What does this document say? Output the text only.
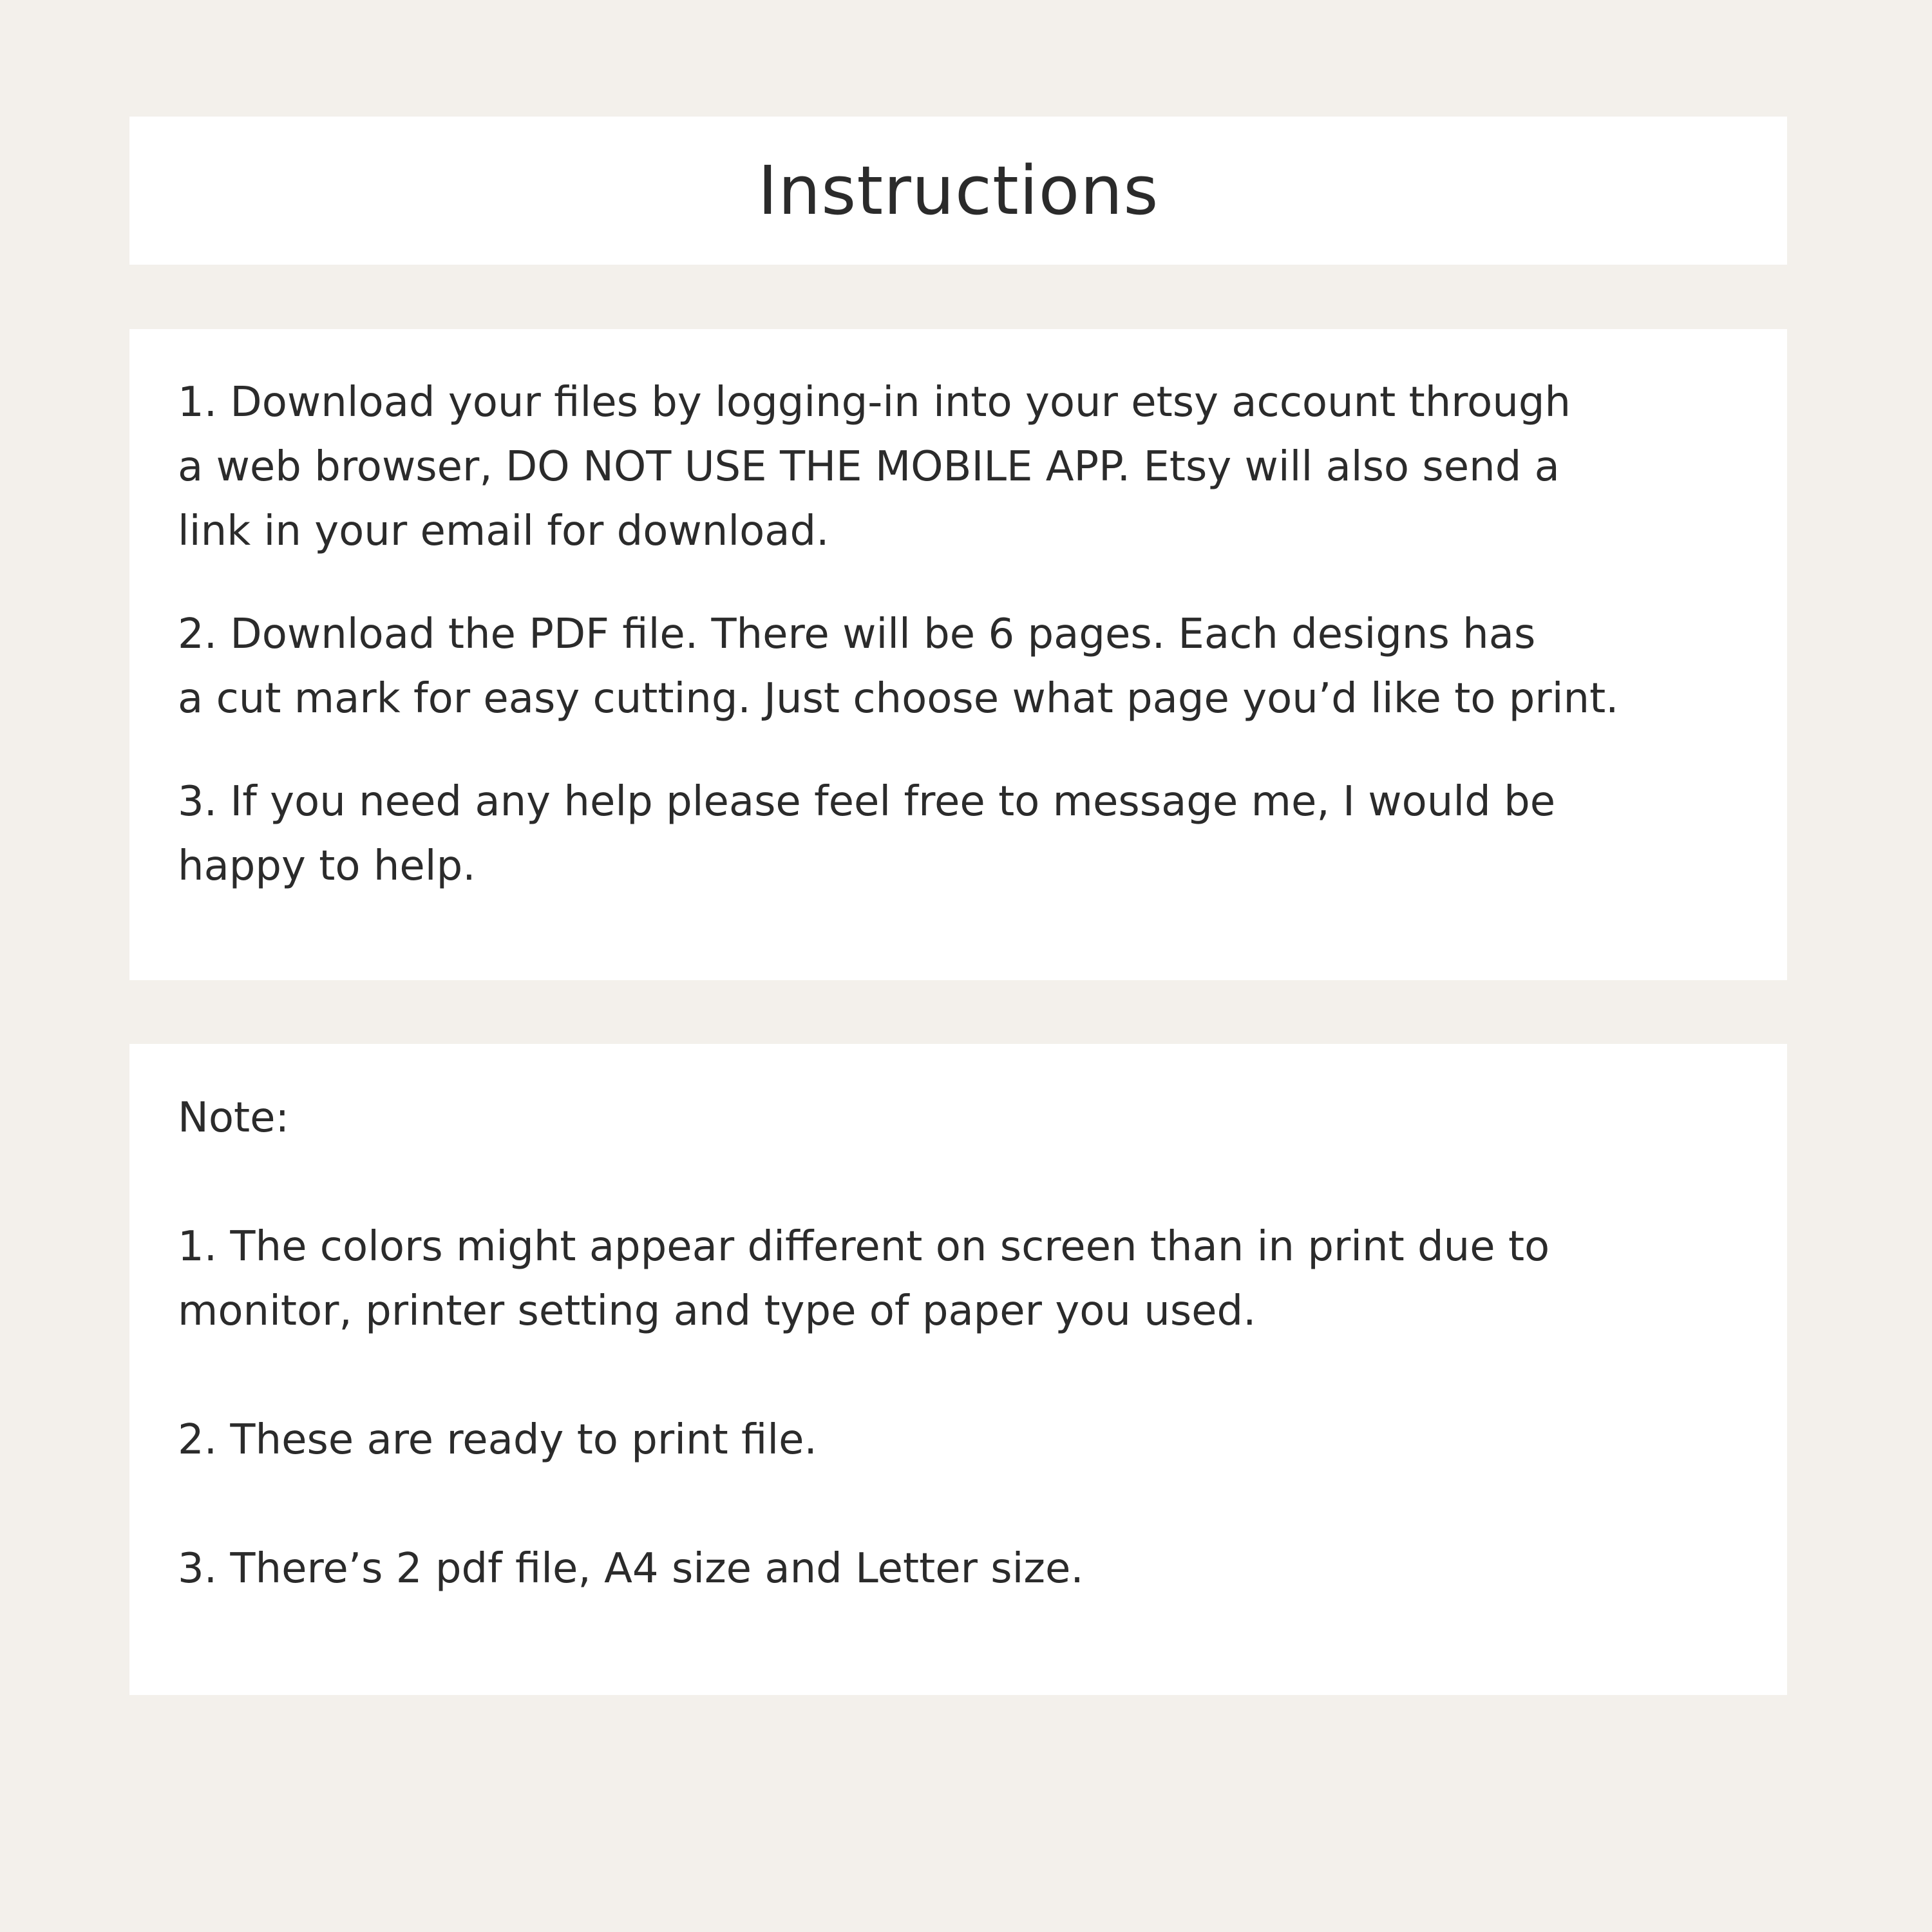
Instructions

1. Download your files by logging-in into your etsy account through
a web browser, DO NOT USE THE MOBILE APP. Etsy will also send a
link in your email for download.

2. Download the PDF file. There will be 6 pages. Each designs has
a cut mark for easy cutting. Just choose what page you’d like to print.

3. If you need any help please feel free to message me, I would be
happy to help.

Note:

1. The colors might appear different on screen than in print due to
monitor, printer setting and type of paper you used.

2. These are ready to print file.

3. There’s 2 pdf file, A4 size and Letter size.
